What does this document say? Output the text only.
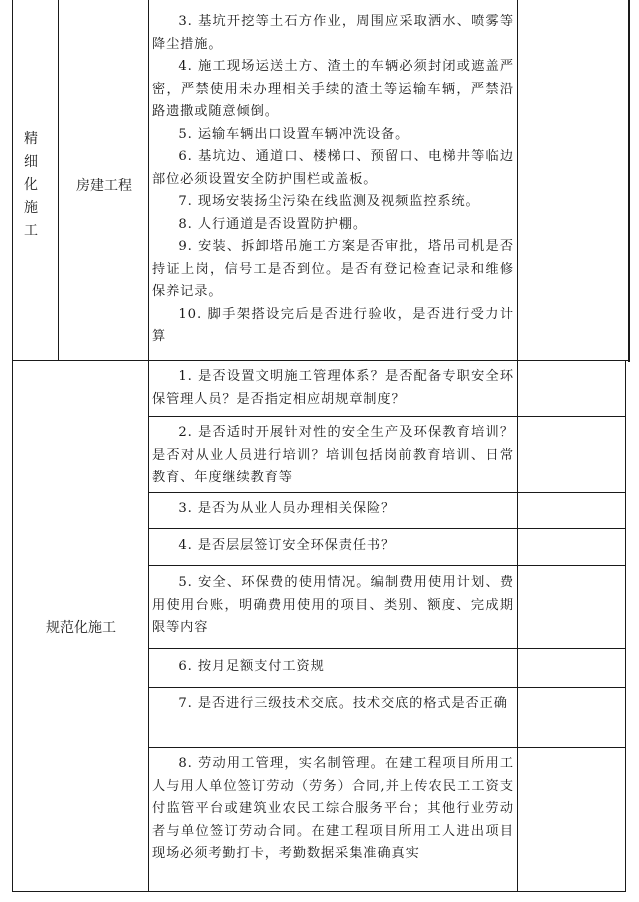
精
细
化
施
工
房建工程

3. 基坑开挖等土石方作业，周围应采取洒水、喷雾等降尘措施。

4. 施工现场运送土方、渣土的车辆必须封闭或遮盖严密，严禁使用未办理相关手续的渣土等运输车辆，严禁沿路遗撒或随意倾倒。

5. 运输车辆出口设置车辆冲洗设备。

6. 基坑边、通道口、楼梯口、预留口、电梯井等临边部位必须设置安全防护围栏或盖板。

7. 现场安装扬尘污染在线监测及视频监控系统。

8. 人行通道是否设置防护棚。

9. 安装、拆卸塔吊施工方案是否审批，塔吊司机是否持证上岗，信号工是否到位。是否有登记检查记录和维修保养记录。

10. 脚手架搭设完后是否进行验收，是否进行受力计算

规范化施工

1. 是否设置文明施工管理体系？是否配备专职安全环保管理人员？是否指定相应胡规章制度？

2. 是否适时开展针对性的安全生产及环保教育培训？是否对从业人员进行培训？培训包括岗前教育培训、日常教育、年度继续教育等

3. 是否为从业人员办理相关保险？

4. 是否层层签订安全环保责任书？

5. 安全、环保费的使用情况。编制费用使用计划、费用使用台账，明确费用使用的项目、类别、额度、完成期限等内容

6. 按月足额支付工资规

7. 是否进行三级技术交底。技术交底的格式是否正确

8. 劳动用工管理，实名制管理。在建工程项目所用工人与用人单位签订劳动（劳务）合同,并上传农民工工资支付监管平台或建筑业农民工综合服务平台；其他行业劳动者与单位签订劳动合同。在建工程项目所用工人进出项目现场必须考勤打卡，考勤数据采集准确真实
